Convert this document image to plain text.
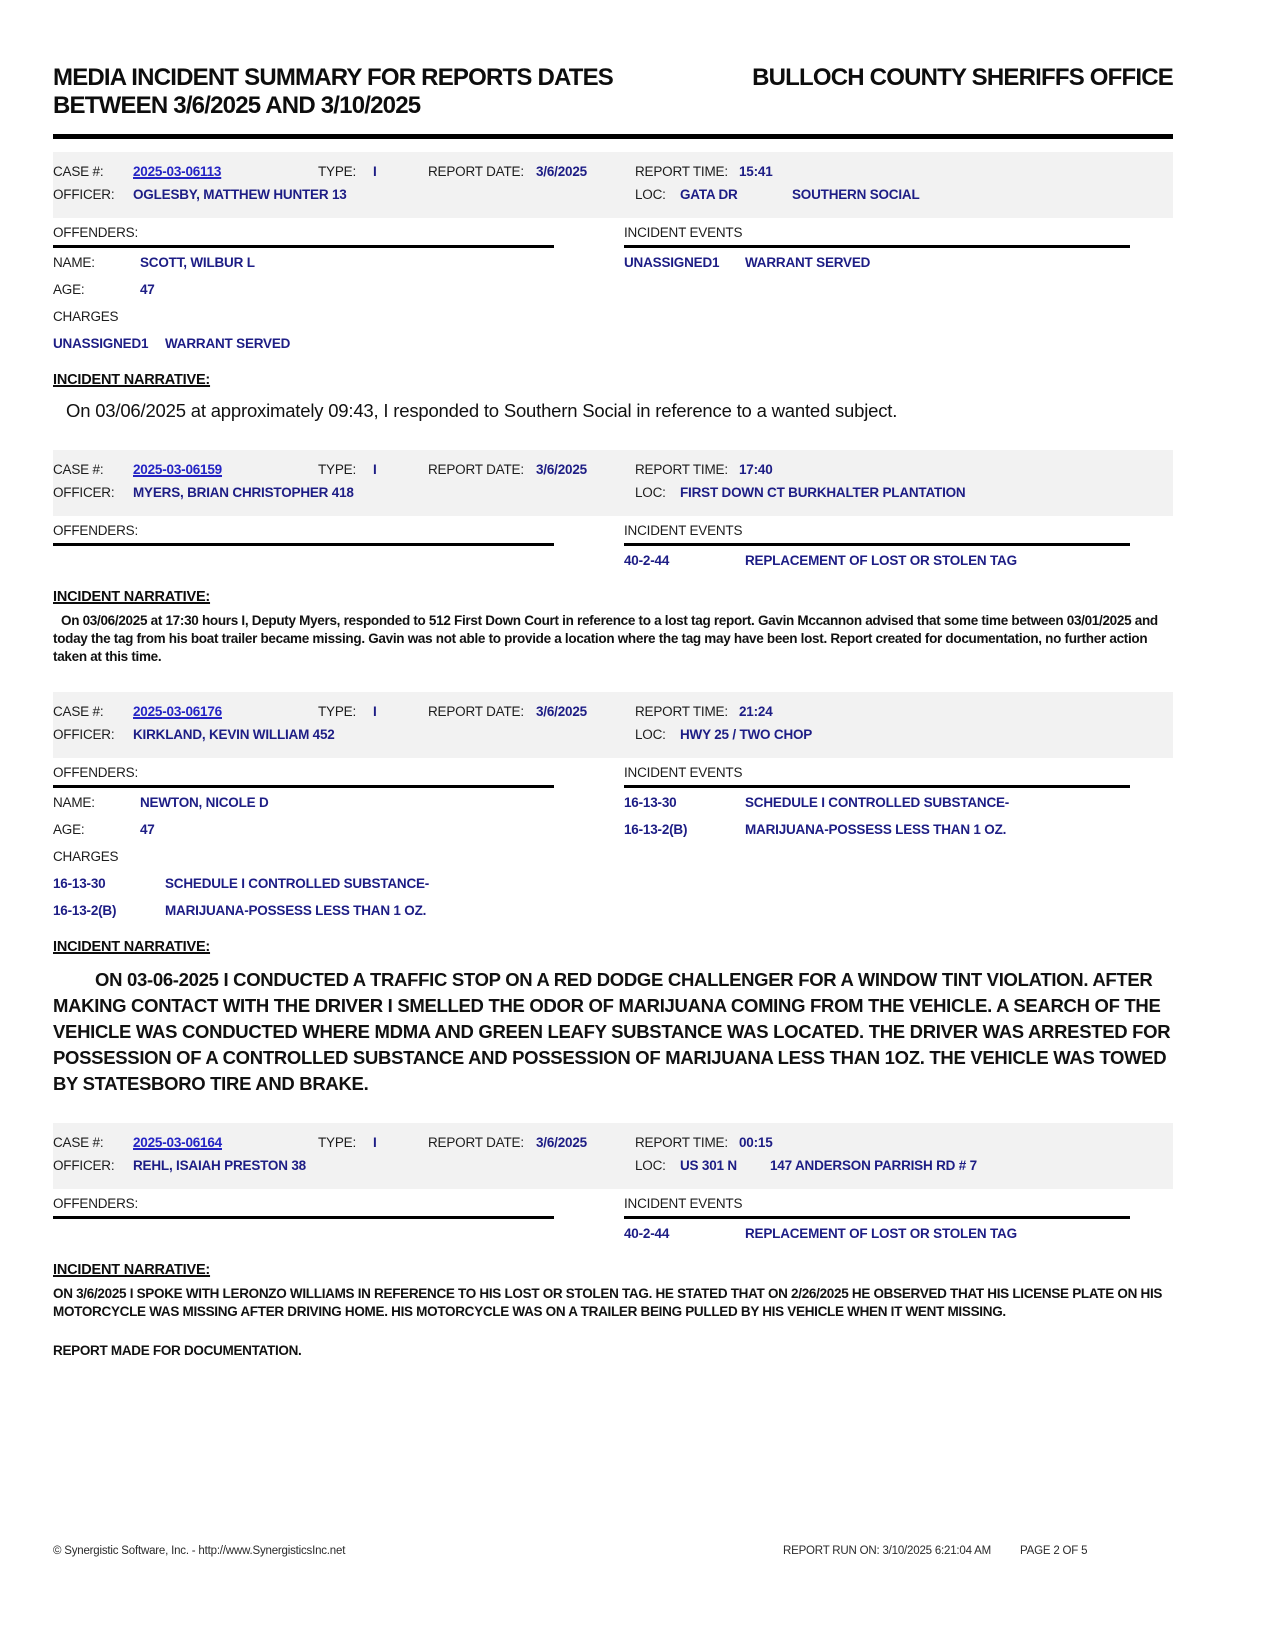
MEDIA INCIDENT SUMMARY FOR REPORTS DATES
BETWEEN 3/6/2025 AND 3/10/2025
BULLOCH COUNTY SHERIFFS OFFICE
CASE #: 2025-03-06113	TYPE: I	REPORT DATE: 3/6/2025	REPORT TIME: 15:41
OFFICER: OGLESBY, MATTHEW HUNTER 13	LOC: GATA DR	SOUTHERN SOCIAL
OFFENDERS:
NAME:	SCOTT, WILBUR L
AGE:	47
CHARGES
UNASSIGNED1 WARRANT SERVED
INCIDENT EVENTS
UNASSIGNED1 WARRANT SERVED
INCIDENT NARRATIVE:
On 03/06/2025 at approximately 09:43, I responded to Southern Social in reference to a wanted subject.
CASE #: 2025-03-06159	TYPE: I	REPORT DATE: 3/6/2025	REPORT TIME: 17:40
OFFICER: MYERS, BRIAN CHRISTOPHER 418	LOC: FIRST DOWN CT BURKHALTER PLANTATION
OFFENDERS:	INCIDENT EVENTS
40-2-44	REPLACEMENT OF LOST OR STOLEN TAG
INCIDENT NARRATIVE:
On 03/06/2025 at 17:30 hours I, Deputy Myers, responded to 512 First Down Court in reference to a lost tag report. Gavin Mccannon advised that some time between 03/01/2025 and today the tag from his boat trailer became missing. Gavin was not able to provide a location where the tag may have been lost. Report created for documentation, no further action taken at this time.
CASE #: 2025-03-06176	TYPE: I	REPORT DATE: 3/6/2025	REPORT TIME: 21:24
OFFICER: KIRKLAND, KEVIN WILLIAM 452	LOC: HWY 25 / TWO CHOP
OFFENDERS:
NAME:	NEWTON, NICOLE D
AGE:	47
CHARGES
16-13-30	SCHEDULE I CONTROLLED SUBSTANCE-
16-13-2(B)	MARIJUANA-POSSESS LESS THAN 1 OZ.
INCIDENT EVENTS
16-13-30	SCHEDULE I CONTROLLED SUBSTANCE-
16-13-2(B)	MARIJUANA-POSSESS LESS THAN 1 OZ.
INCIDENT NARRATIVE:
ON 03-06-2025 I CONDUCTED A TRAFFIC STOP ON A RED DODGE CHALLENGER FOR A WINDOW TINT VIOLATION. AFTER MAKING CONTACT WITH THE DRIVER I SMELLED THE ODOR OF MARIJUANA COMING FROM THE VEHICLE. A SEARCH OF THE VEHICLE WAS CONDUCTED WHERE MDMA AND GREEN LEAFY SUBSTANCE WAS LOCATED. THE DRIVER WAS ARRESTED FOR POSSESSION OF A CONTROLLED SUBSTANCE AND POSSESSION OF MARIJUANA LESS THAN 1OZ. THE VEHICLE WAS TOWED BY STATESBORO TIRE AND BRAKE.
CASE #: 2025-03-06164	TYPE: I	REPORT DATE: 3/6/2025	REPORT TIME: 00:15
OFFICER: REHL, ISAIAH PRESTON 38	LOC: US 301 N 147 ANDERSON PARRISH RD # 7
OFFENDERS:	INCIDENT EVENTS
40-2-44	REPLACEMENT OF LOST OR STOLEN TAG
INCIDENT NARRATIVE:
ON 3/6/2025 I SPOKE WITH LERONZO WILLIAMS IN REFERENCE TO HIS LOST OR STOLEN TAG. HE STATED THAT ON 2/26/2025 HE OBSERVED THAT HIS LICENSE PLATE ON HIS MOTORCYCLE WAS MISSING AFTER DRIVING HOME. HIS MOTORCYCLE WAS ON A TRAILER BEING PULLED BY HIS VEHICLE WHEN IT WENT MISSING.
REPORT MADE FOR DOCUMENTATION.
© Synergistic Software, Inc. - http://www.SynergisticsInc.net	REPORT RUN ON: 3/10/2025 6:21:04 AM	PAGE 2 OF 5
